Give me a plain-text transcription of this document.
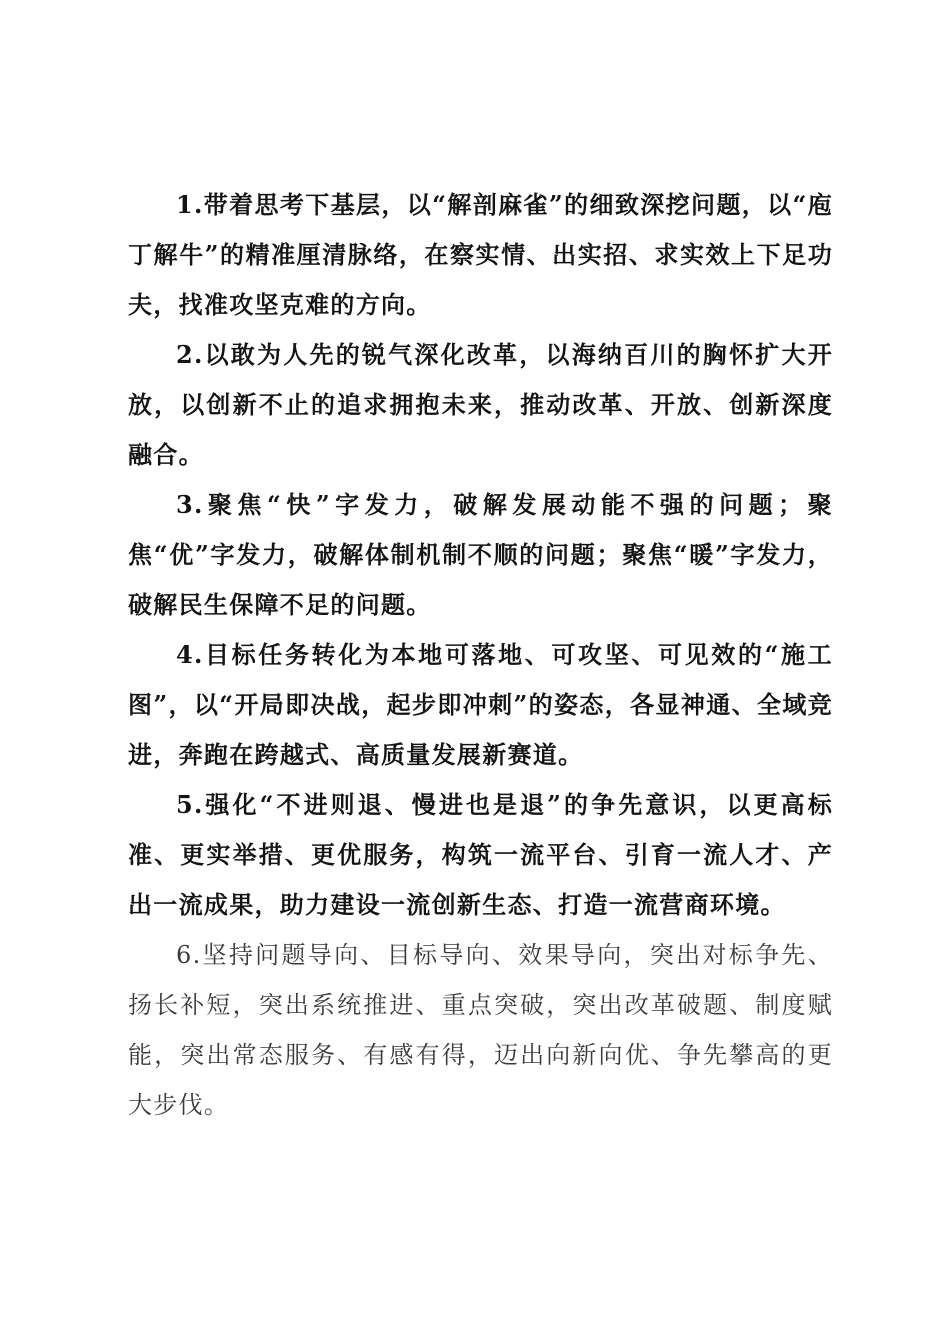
1.带着思考下基层，以“解剖麻雀”的细致深挖问题，以“庖丁解牛”的精准厘清脉络，在察实情、出实招、求实效上下足功夫，找准攻坚克难的方向。

2.以敢为人先的锐气深化改革，以海纳百川的胸怀扩大开放，以创新不止的追求拥抱未来，推动改革、开放、创新深度融合。

3.聚焦“快”字发力，破解发展动能不强的问题；聚焦“优”字发力，破解体制机制不顺的问题；聚焦“暖”字发力，破解民生保障不足的问题。

4.目标任务转化为本地可落地、可攻坚、可见效的“施工图”，以“开局即决战，起步即冲刺”的姿态，各显神通、全域竞进，奔跑在跨越式、高质量发展新赛道。

5.强化“不进则退、慢进也是退”的争先意识，以更高标准、更实举措、更优服务，构筑一流平台、引育一流人才、产出一流成果，助力建设一流创新生态、打造一流营商环境。

6.坚持问题导向、目标导向、效果导向，突出对标争先、扬长补短，突出系统推进、重点突破，突出改革破题、制度赋能，突出常态服务、有感有得，迈出向新向优、争先攀高的更大步伐。
